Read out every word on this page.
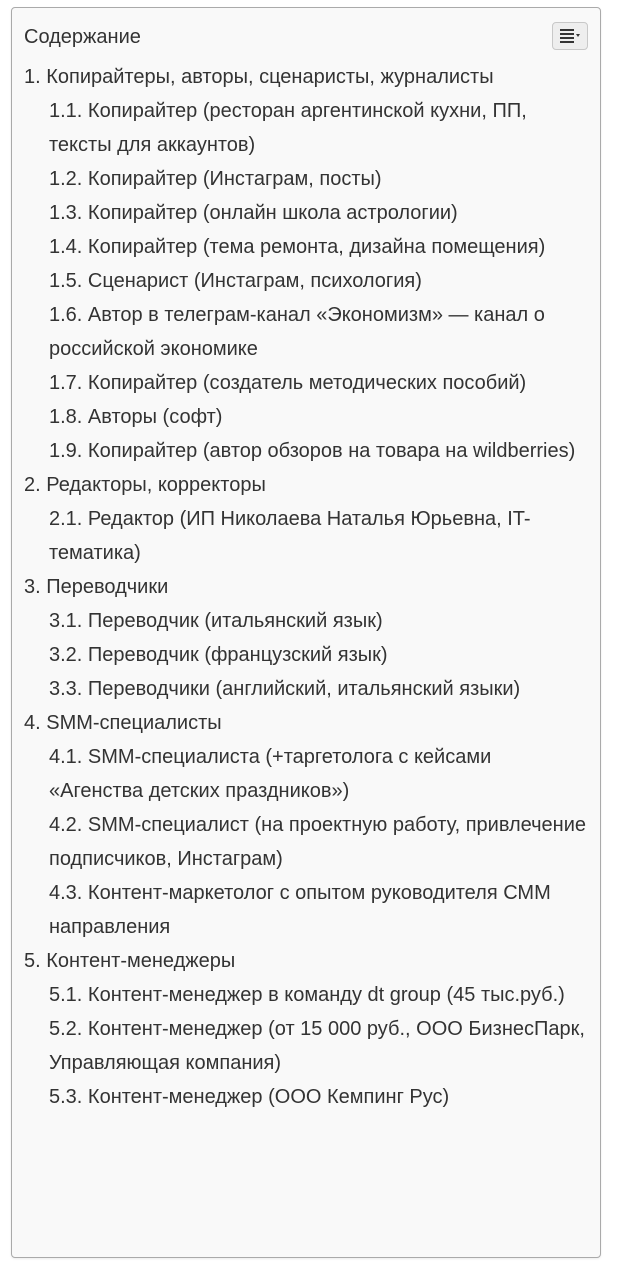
Содержание
1. Копирайтеры, авторы, сценаристы, журналисты
1.1. Копирайтер (ресторан аргентинской кухни, ПП, тексты для аккаунтов)
1.2. Копирайтер (Инстаграм, посты)
1.3. Копирайтер (онлайн школа астрологии)
1.4. Копирайтер (тема ремонта, дизайна помещения)
1.5. Сценарист (Инстаграм, психология)
1.6. Автор в телеграм-канал «Экономизм» — канал о российской экономике
1.7. Копирайтер (создатель методических пособий)
1.8. Авторы (софт)
1.9. Копирайтер (автор обзоров на товара на wildberries)
2. Редакторы, корректоры
2.1. Редактор (ИП Николаева Наталья Юрьевна, IT-тематика)
3. Переводчики
3.1. Переводчик (итальянский язык)
3.2. Переводчик (французский язык)
3.3. Переводчики (английский, итальянский языки)
4. SMM-специалисты
4.1. SMM-специалиста (+таргетолога с кейсами «Агенства детских праздников»)
4.2. SMM-специалист (на проектную работу, привлечение подписчиков, Инстаграм)
4.3. Контент-маркетолог с опытом руководителя СММ направления
5. Контент-менеджеры
5.1. Контент-менеджер в команду dt group (45 тыс.руб.)
5.2. Контент-менеджер (от 15 000 руб., ООО БизнесПарк, Управляющая компания)
5.3. Контент-менеджер (ООО Кемпинг Рус)
